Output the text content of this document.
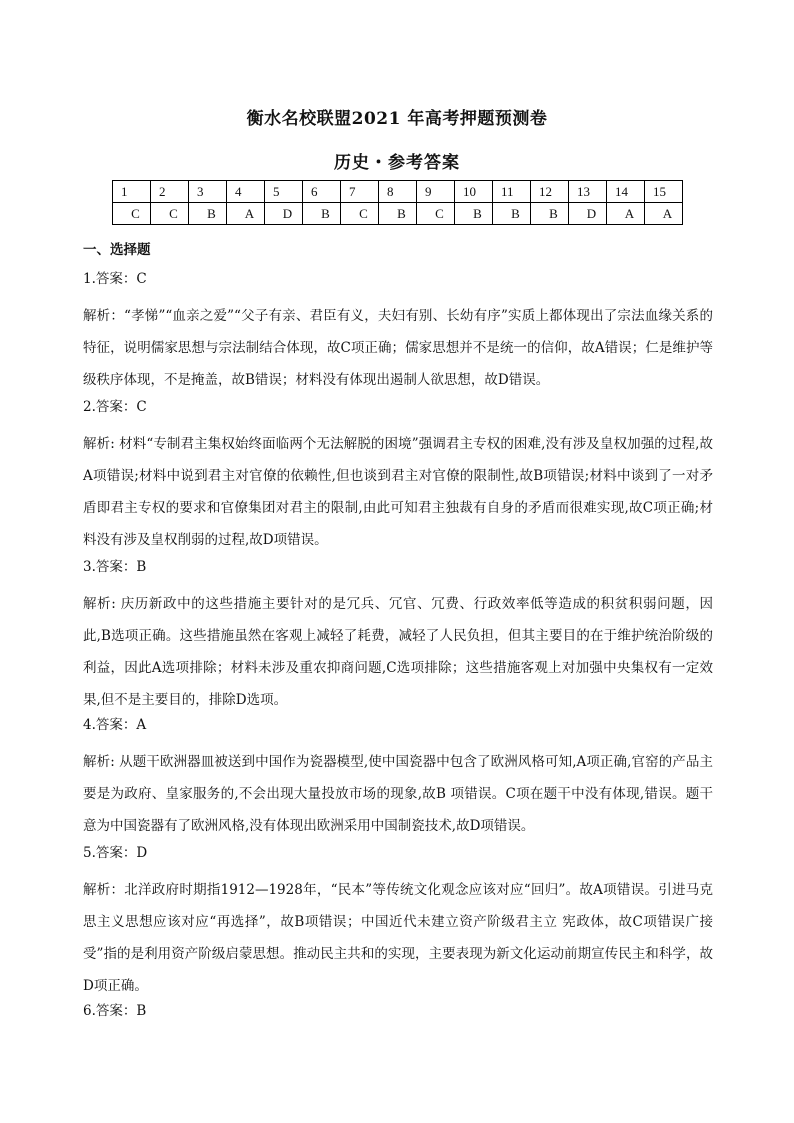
衡水名校联盟2021 年高考押题预测卷
历史・参考答案
1	2	3	4	5	6	7	8	9	10	11	12	13	14	15
C	C	B	A	D	B	C	B	C	B	B	B	D	A	A
一、选择题
1.答案：C
解析：“孝悌”“血亲之爱”“父子有亲、君臣有义，夫妇有别、长幼有序”实质上都体现出了宗法血缘关系的特征，说明儒家思想与宗法制结合体现，故C项正确；儒家思想并不是统一的信仰，故A错误；仁是维护等级秩序体现，不是掩盖，故B错误；材料没有体现出遏制人欲思想，故D错误。
2.答案：C
解析: 材料“专制君主集权始终面临两个无法解脱的困境”强调君主专权的困难,没有涉及皇权加强的过程,故A项错误;材料中说到君主对官僚的依赖性,但也谈到君主对官僚的限制性,故B项错误;材料中谈到了一对矛盾即君主专权的要求和官僚集团对君主的限制,由此可知君主独裁有自身的矛盾而很难实现,故C项正确;材料没有涉及皇权削弱的过程,故D项错误。
3.答案：B
解析: 庆历新政中的这些措施主要针对的是冗兵、冗官、冗费、行政效率低等造成的积贫积弱问题，因此,B选项正确。这些措施虽然在客观上减轻了耗费，减轻了人民负担，但其主要目的在于维护统治阶级的利益，因此A选项排除；材料未涉及重农抑商问题,C选项排除；这些措施客观上对加强中央集权有一定效果,但不是主要目的，排除D选项。
4.答案：A
解析: 从题干欧洲器皿被送到中国作为瓷器模型,使中国瓷器中包含了欧洲风格可知,A项正确,官窑的产品主要是为政府、皇家服务的,不会出现大量投放市场的现象,故B 项错误。C项在题干中没有体现,错误。题干意为中国瓷器有了欧洲风格,没有体现出欧洲采用中国制瓷技术,故D项错误。
5.答案：D
解析：北洋政府时期指1912—1928年，“民本”等传统文化观念应该对应“回归”。故A项错误。引进马克思主义思想应该对应“再选择”，故B项错误；中国近代未建立资产阶级君主立 宪政体，故C项错误广接受”指的是利用资产阶级启蒙思想。推动民主共和的实现，主要表现为新文化运动前期宣传民主和科学，故D项正确。
6.答案：B
